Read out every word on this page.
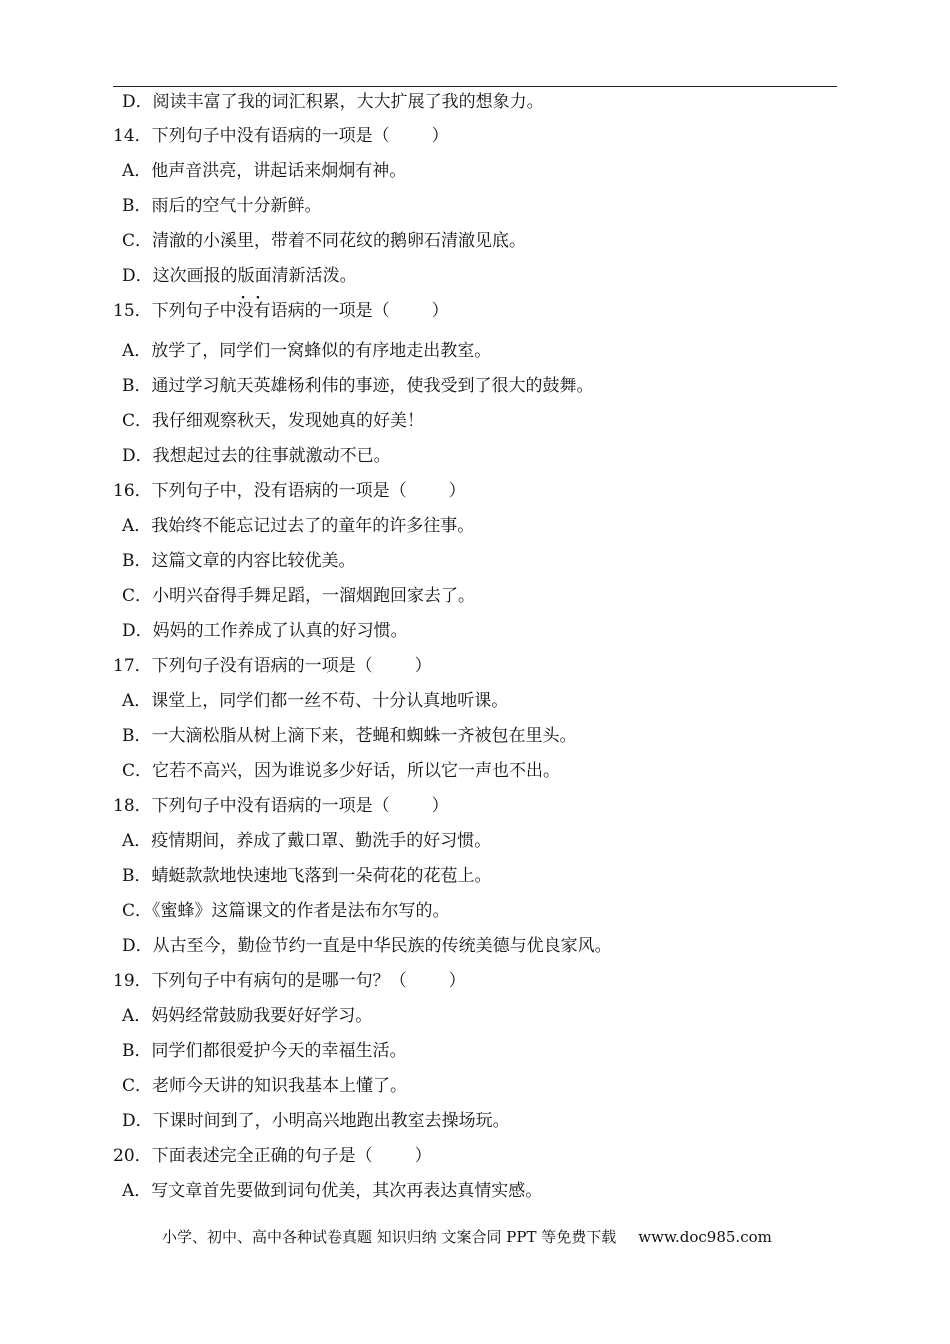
D．阅读丰富了我的词汇积累，大大扩展了我的想象力。
14．下列句子中没有语病的一项是（ ）
A．他声音洪亮，讲起话来炯炯有神。
B．雨后的空气十分新鲜。
C．清澈的小溪里，带着不同花纹的鹅卵石清澈见底。
D．这次画报的版面清新活泼。
15．下列句子中· · 没有语病的一项是（ ）
A．放学了，同学们一窝蜂似的有序地走出教室。
B．通过学习航天英雄杨利伟的事迹，使我受到了很大的鼓舞。
C．我仔细观察秋天，发现她真的好美！
D．我想起过去的往事就激动不已。
16．下列句子中，没有语病的一项是（ ）
A．我始终不能忘记过去了的童年的许多往事。
B．这篇文章的内容比较优美。
C．小明兴奋得手舞足蹈，一溜烟跑回家去了。
D．妈妈的工作养成了认真的好习惯。
17．下列句子没有语病的一项是（ ）
A．课堂上，同学们都一丝不苟、十分认真地听课。
B．一大滴松脂从树上滴下来，苍蝇和蜘蛛一齐被包在里头。
C．它若不高兴，因为谁说多少好话，所以它一声也不出。
18．下列句子中没有语病的一项是（ ）
A．疫情期间，养成了戴口罩、勤洗手的好习惯。
B．蜻蜓款款地快速地飞落到一朵荷花的花苞上。
C．《蜜蜂》这篇课文的作者是法布尔写的。
D．从古至今，勤俭节约一直是中华民族的传统美德与优良家风。
19．下列句子中有病句的是哪一句？（ ）
A．妈妈经常鼓励我要好好学习。
B．同学们都很爱护今天的幸福生活。
C．老师今天讲的知识我基本上懂了。
D．下课时间到了，小明高兴地跑出教室去操场玩。
20．下面表述完全正确的句子是（ ）
A．写文章首先要做到词句优美，其次再表达真情实感。
小学、初中、高中各种试卷真题 知识归纳 文案合同 PPT 等免费下载 www.doc985.com
